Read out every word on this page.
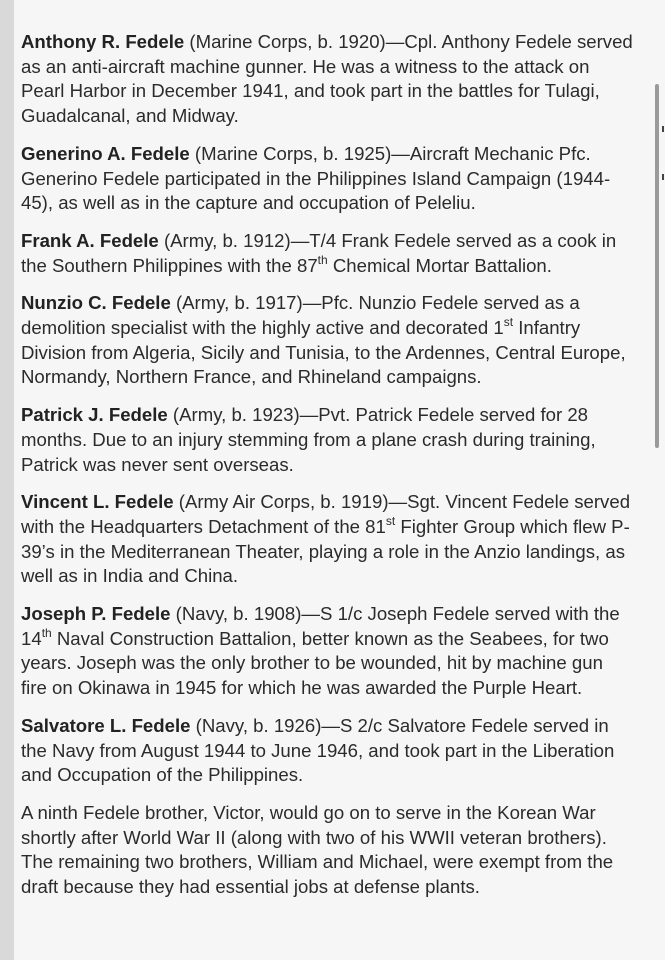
Anthony R. Fedele (Marine Corps, b. 1920)—Cpl. Anthony Fedele served as an anti-aircraft machine gunner. He was a witness to the attack on Pearl Harbor in December 1941, and took part in the battles for Tulagi, Guadalcanal, and Midway.

Generino A. Fedele (Marine Corps, b. 1925)—Aircraft Mechanic Pfc. Generino Fedele participated in the Philippines Island Campaign (1944-45), as well as in the capture and occupation of Peleliu.

Frank A. Fedele (Army, b. 1912)—T/4 Frank Fedele served as a cook in the Southern Philippines with the 87th Chemical Mortar Battalion.

Nunzio C. Fedele (Army, b. 1917)—Pfc. Nunzio Fedele served as a demolition specialist with the highly active and decorated 1st Infantry Division from Algeria, Sicily and Tunisia, to the Ardennes, Central Europe, Normandy, Northern France, and Rhineland campaigns.

Patrick J. Fedele (Army, b. 1923)—Pvt. Patrick Fedele served for 28 months. Due to an injury stemming from a plane crash during training, Patrick was never sent overseas.

Vincent L. Fedele (Army Air Corps, b. 1919)—Sgt. Vincent Fedele served with the Headquarters Detachment of the 81st Fighter Group which flew P-39’s in the Mediterranean Theater, playing a role in the Anzio landings, as well as in India and China.

Joseph P. Fedele (Navy, b. 1908)—S 1/c Joseph Fedele served with the 14th Naval Construction Battalion, better known as the Seabees, for two years. Joseph was the only brother to be wounded, hit by machine gun fire on Okinawa in 1945 for which he was awarded the Purple Heart.

Salvatore L. Fedele (Navy, b. 1926)—S 2/c Salvatore Fedele served in the Navy from August 1944 to June 1946, and took part in the Liberation and Occupation of the Philippines.

A ninth Fedele brother, Victor, would go on to serve in the Korean War shortly after World War II (along with two of his WWII veteran brothers). The remaining two brothers, William and Michael, were exempt from the draft because they had essential jobs at defense plants.
